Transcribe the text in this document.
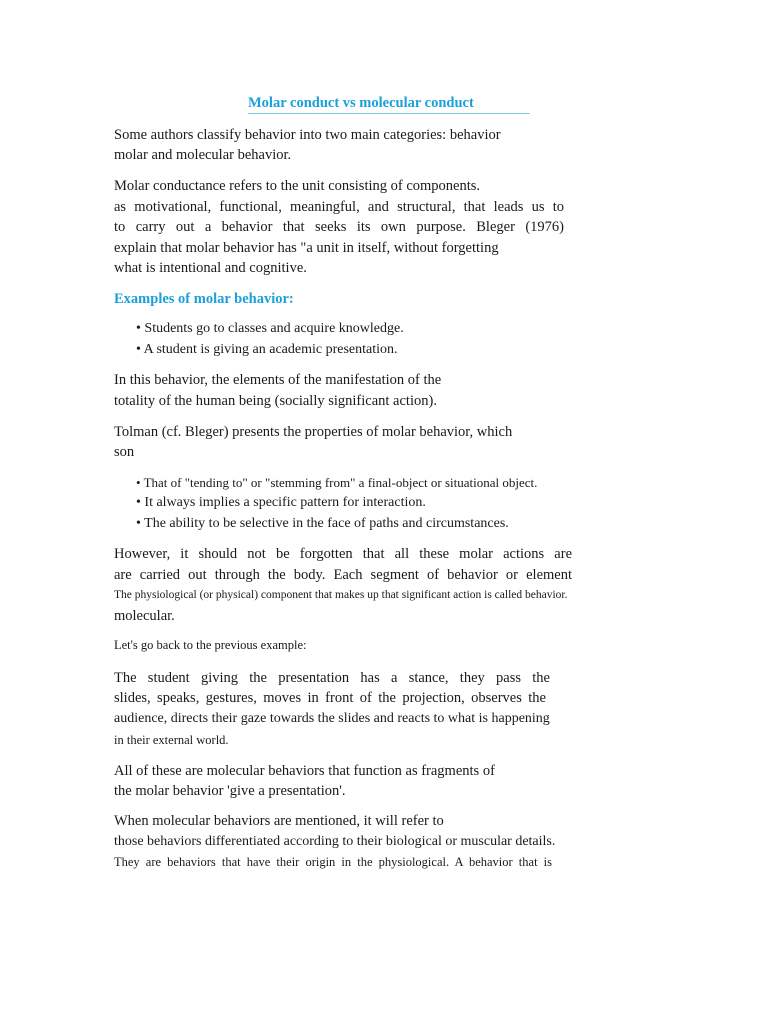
Molar conduct vs molecular conduct

Some authors classify behavior into two main categories: behavior

molar and molecular behavior.

Molar conductance refers to the unit consisting of components.

as motivational, functional, meaningful, and structural, that leads us to

to carry out a behavior that seeks its own purpose. Bleger (1976)

explain that molar behavior has "a unit in itself, without forgetting

what is intentional and cognitive.

Examples of molar behavior:

• Students go to classes and acquire knowledge.

• A student is giving an academic presentation.

In this behavior, the elements of the manifestation of the

totality of the human being (socially significant action).

Tolman (cf. Bleger) presents the properties of molar behavior, which

son

• That of "tending to" or "stemming from" a final-object or situational object.

• It always implies a specific pattern for interaction.

• The ability to be selective in the face of paths and circumstances.

However, it should not be forgotten that all these molar actions are

are carried out through the body. Each segment of behavior or element

The physiological (or physical) component that makes up that significant action is called behavior.

molecular.

Let's go back to the previous example:

The student giving the presentation has a stance, they pass the

slides, speaks, gestures, moves in front of the projection, observes the

audience, directs their gaze towards the slides and reacts to what is happening

in their external world.

All of these are molecular behaviors that function as fragments of

the molar behavior 'give a presentation'.

When molecular behaviors are mentioned, it will refer to

those behaviors differentiated according to their biological or muscular details.

They are behaviors that have their origin in the physiological. A behavior that is
